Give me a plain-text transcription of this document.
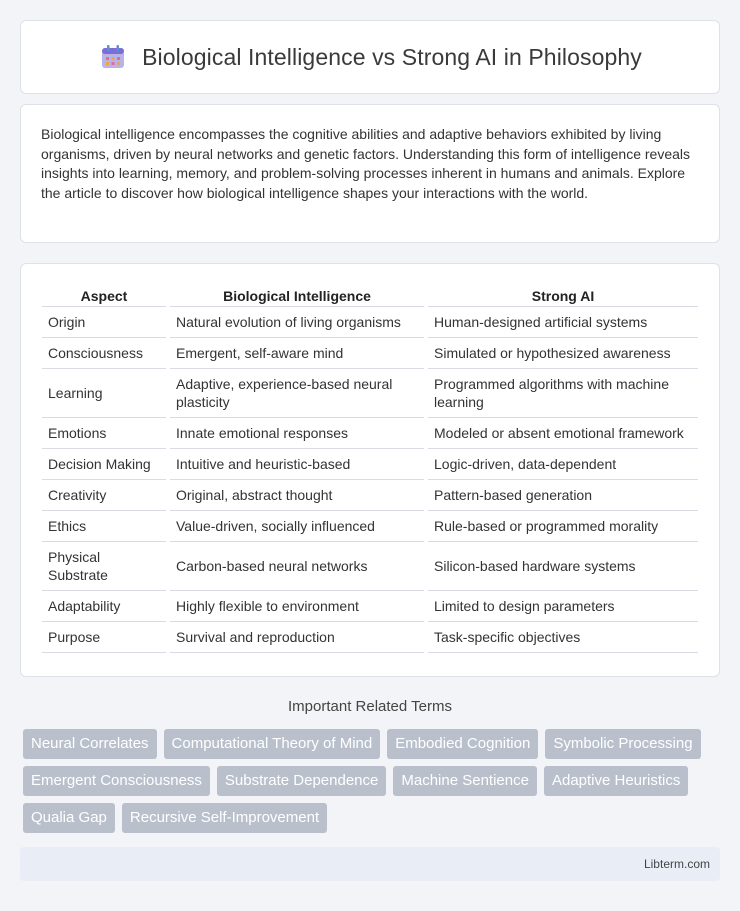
Biological Intelligence vs Strong AI in Philosophy

Biological intelligence encompasses the cognitive abilities and adaptive behaviors exhibited by living organisms, driven by neural networks and genetic factors. Understanding this form of intelligence reveals insights into learning, memory, and problem-solving processes inherent in humans and animals. Explore the article to discover how biological intelligence shapes your interactions with the world.

Aspect	Biological Intelligence	Strong AI
Origin	Natural evolution of living organisms	Human-designed artificial systems
Consciousness	Emergent, self-aware mind	Simulated or hypothesized awareness
Learning	Adaptive, experience-based neural plasticity	Programmed algorithms with machine learning
Emotions	Innate emotional responses	Modeled or absent emotional framework
Decision Making	Intuitive and heuristic-based	Logic-driven, data-dependent
Creativity	Original, abstract thought	Pattern-based generation
Ethics	Value-driven, socially influenced	Rule-based or programmed morality
Physical Substrate	Carbon-based neural networks	Silicon-based hardware systems
Adaptability	Highly flexible to environment	Limited to design parameters
Purpose	Survival and reproduction	Task-specific objectives
Important Related Terms
Neural Correlates	Computational Theory of Mind	Embodied Cognition	Symbolic Processing
Emergent Consciousness	Substrate Dependence	Machine Sentience	Adaptive Heuristics
Qualia Gap	Recursive Self-Improvement
Libterm.com
